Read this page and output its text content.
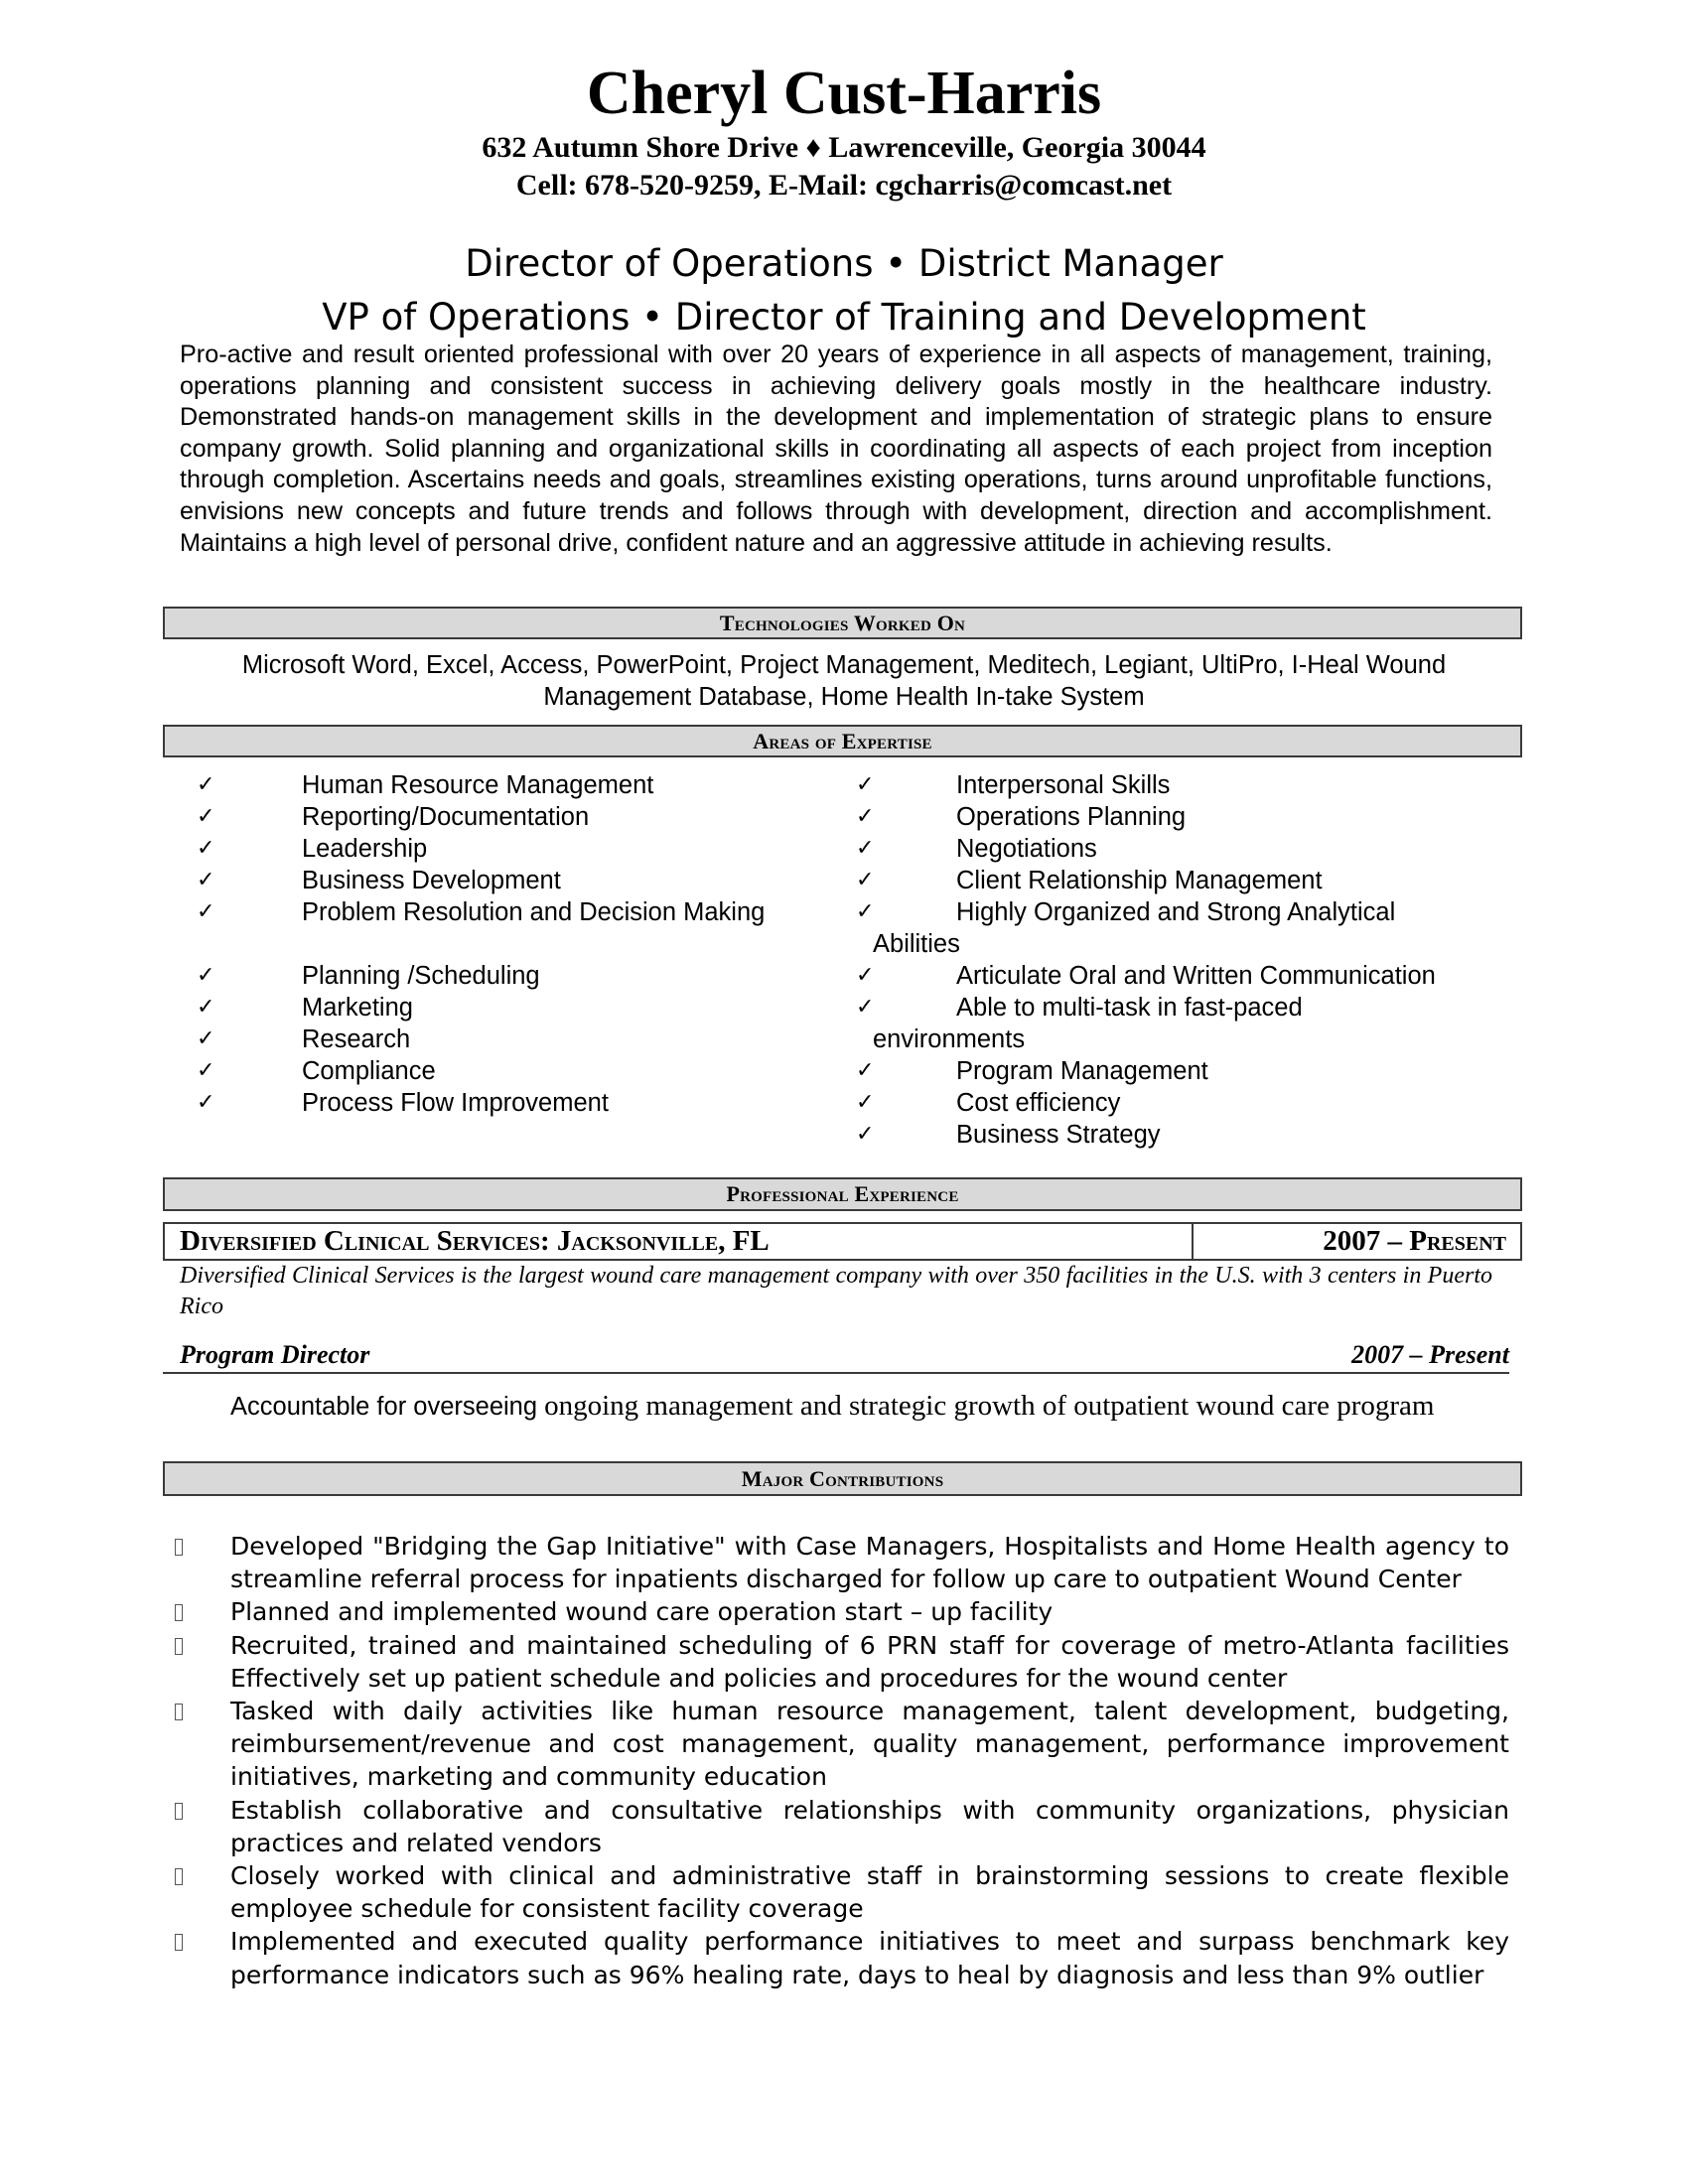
Cheryl Cust-Harris
632 Autumn Shore Drive ♦ Lawrenceville, Georgia 30044
Cell: 678-520-9259, E-Mail: cgcharris@comcast.net
Director of Operations • District Manager
VP of Operations • Director of Training and Development
Pro-active and result oriented professional with over 20 years of experience in all aspects of management, training, operations planning and consistent success in achieving delivery goals mostly in the healthcare industry. Demonstrated hands-on management skills in the development and implementation of strategic plans to ensure company growth. Solid planning and organizational skills in coordinating all aspects of each project from inception through completion. Ascertains needs and goals, streamlines existing operations, turns around unprofitable functions, envisions new concepts and future trends and follows through with development, direction and accomplishment. Maintains a high level of personal drive, confident nature and an aggressive attitude in achieving results.
Technologies Worked On
Microsoft Word, Excel, Access, PowerPoint, Project Management, Meditech, Legiant, UltiPro, I-Heal Wound Management Database, Home Health In-take System
Areas of Expertise
✓	Human Resource Management
✓	Reporting/Documentation
✓	Leadership
✓	Business Development
✓	Problem Resolution and Decision Making
✓	Planning /Scheduling
✓	Marketing
✓	Research
✓	Compliance
✓	Process Flow Improvement
✓	Interpersonal Skills
✓	Operations Planning
✓	Negotiations
✓	Client Relationship Management
✓	Highly Organized and Strong Analytical
Abilities
✓	Articulate Oral and Written Communication
✓	Able to multi-task in fast-paced
environments
✓	Program Management
✓	Cost efficiency
✓	Business Strategy
Professional Experience
Diversified Clinical Services: Jacksonville, FL	2007 – Present
Diversified Clinical Services is the largest wound care management company with over 350 facilities in the U.S. with 3 centers in Puerto Rico
Program Director	2007 – Present
Accountable for overseeing ongoing management and strategic growth of outpatient wound care program
Major Contributions
Developed "Bridging the Gap Initiative" with Case Managers, Hospitalists and Home Health agency to streamline referral process for inpatients discharged for follow up care to outpatient Wound Center
Planned and implemented wound care operation start – up facility
Recruited, trained and maintained scheduling of 6 PRN staff for coverage of metro-Atlanta facilities Effectively set up patient schedule and policies and procedures for the wound center
Tasked with daily activities like human resource management, talent development, budgeting, reimbursement/revenue and cost management, quality management, performance improvement initiatives, marketing and community education
Establish collaborative and consultative relationships with community organizations, physician practices and related vendors
Closely worked with clinical and administrative staff in brainstorming sessions to create flexible employee schedule for consistent facility coverage
Implemented and executed quality performance initiatives to meet and surpass benchmark key performance indicators such as 96% healing rate, days to heal by diagnosis and less than 9% outlier
